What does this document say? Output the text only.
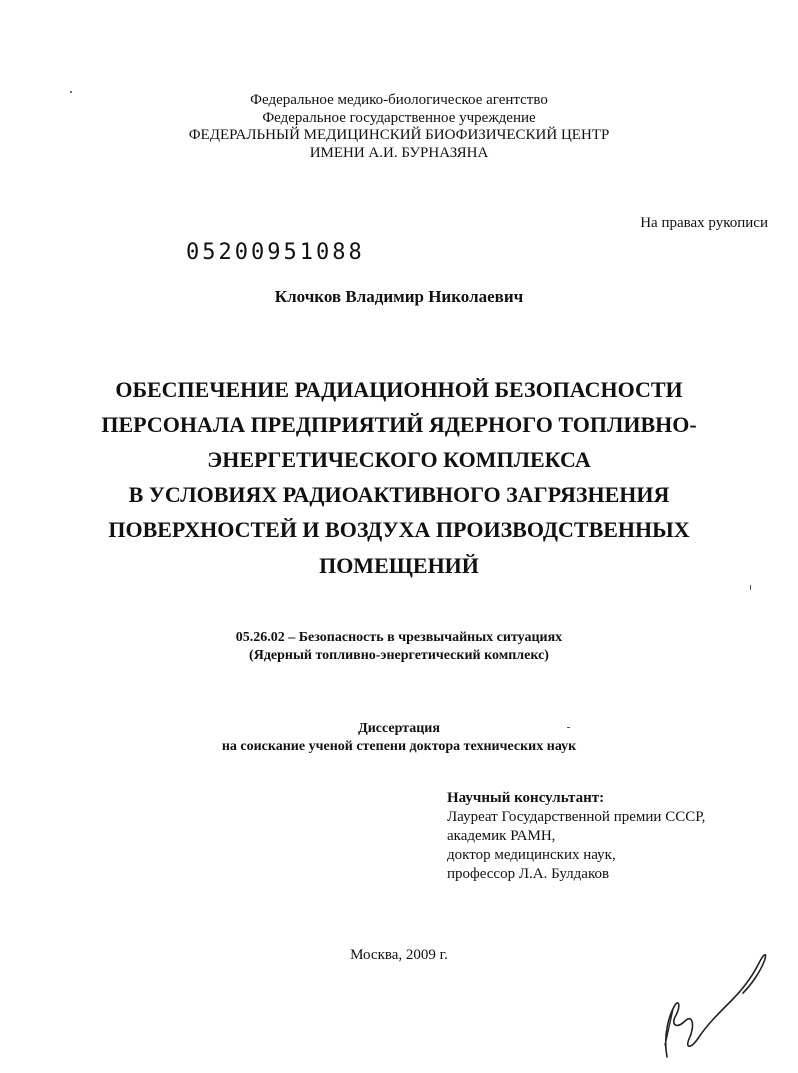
Федеральное медико-биологическое агентство
Федеральное государственное учреждение
ФЕДЕРАЛЬНЫЙ МЕДИЦИНСКИЙ БИОФИЗИЧЕСКИЙ ЦЕНТР
ИМЕНИ А.И. БУРНАЗЯНА
На правах рукописи
05200951088
Клочков Владимир Николаевич
ОБЕСПЕЧЕНИЕ РАДИАЦИОННОЙ БЕЗОПАСНОСТИ
ПЕРСОНАЛА ПРЕДПРИЯТИЙ ЯДЕРНОГО ТОПЛИВНО-
ЭНЕРГЕТИЧЕСКОГО КОМПЛЕКСА
В УСЛОВИЯХ РАДИОАКТИВНОГО ЗАГРЯЗНЕНИЯ
ПОВЕРХНОСТЕЙ И ВОЗДУХА ПРОИЗВОДСТВЕННЫХ
ПОМЕЩЕНИЙ
05.26.02 – Безопасность в чрезвычайных ситуациях
(Ядерный топливно-энергетический комплекс)
Диссертация
на соискание ученой степени доктора технических наук
Научный консультант:
Лауреат Государственной премии СССР,
академик РАМН,
доктор медицинских наук,
профессор Л.А. Булдаков
Москва, 2009 г.
